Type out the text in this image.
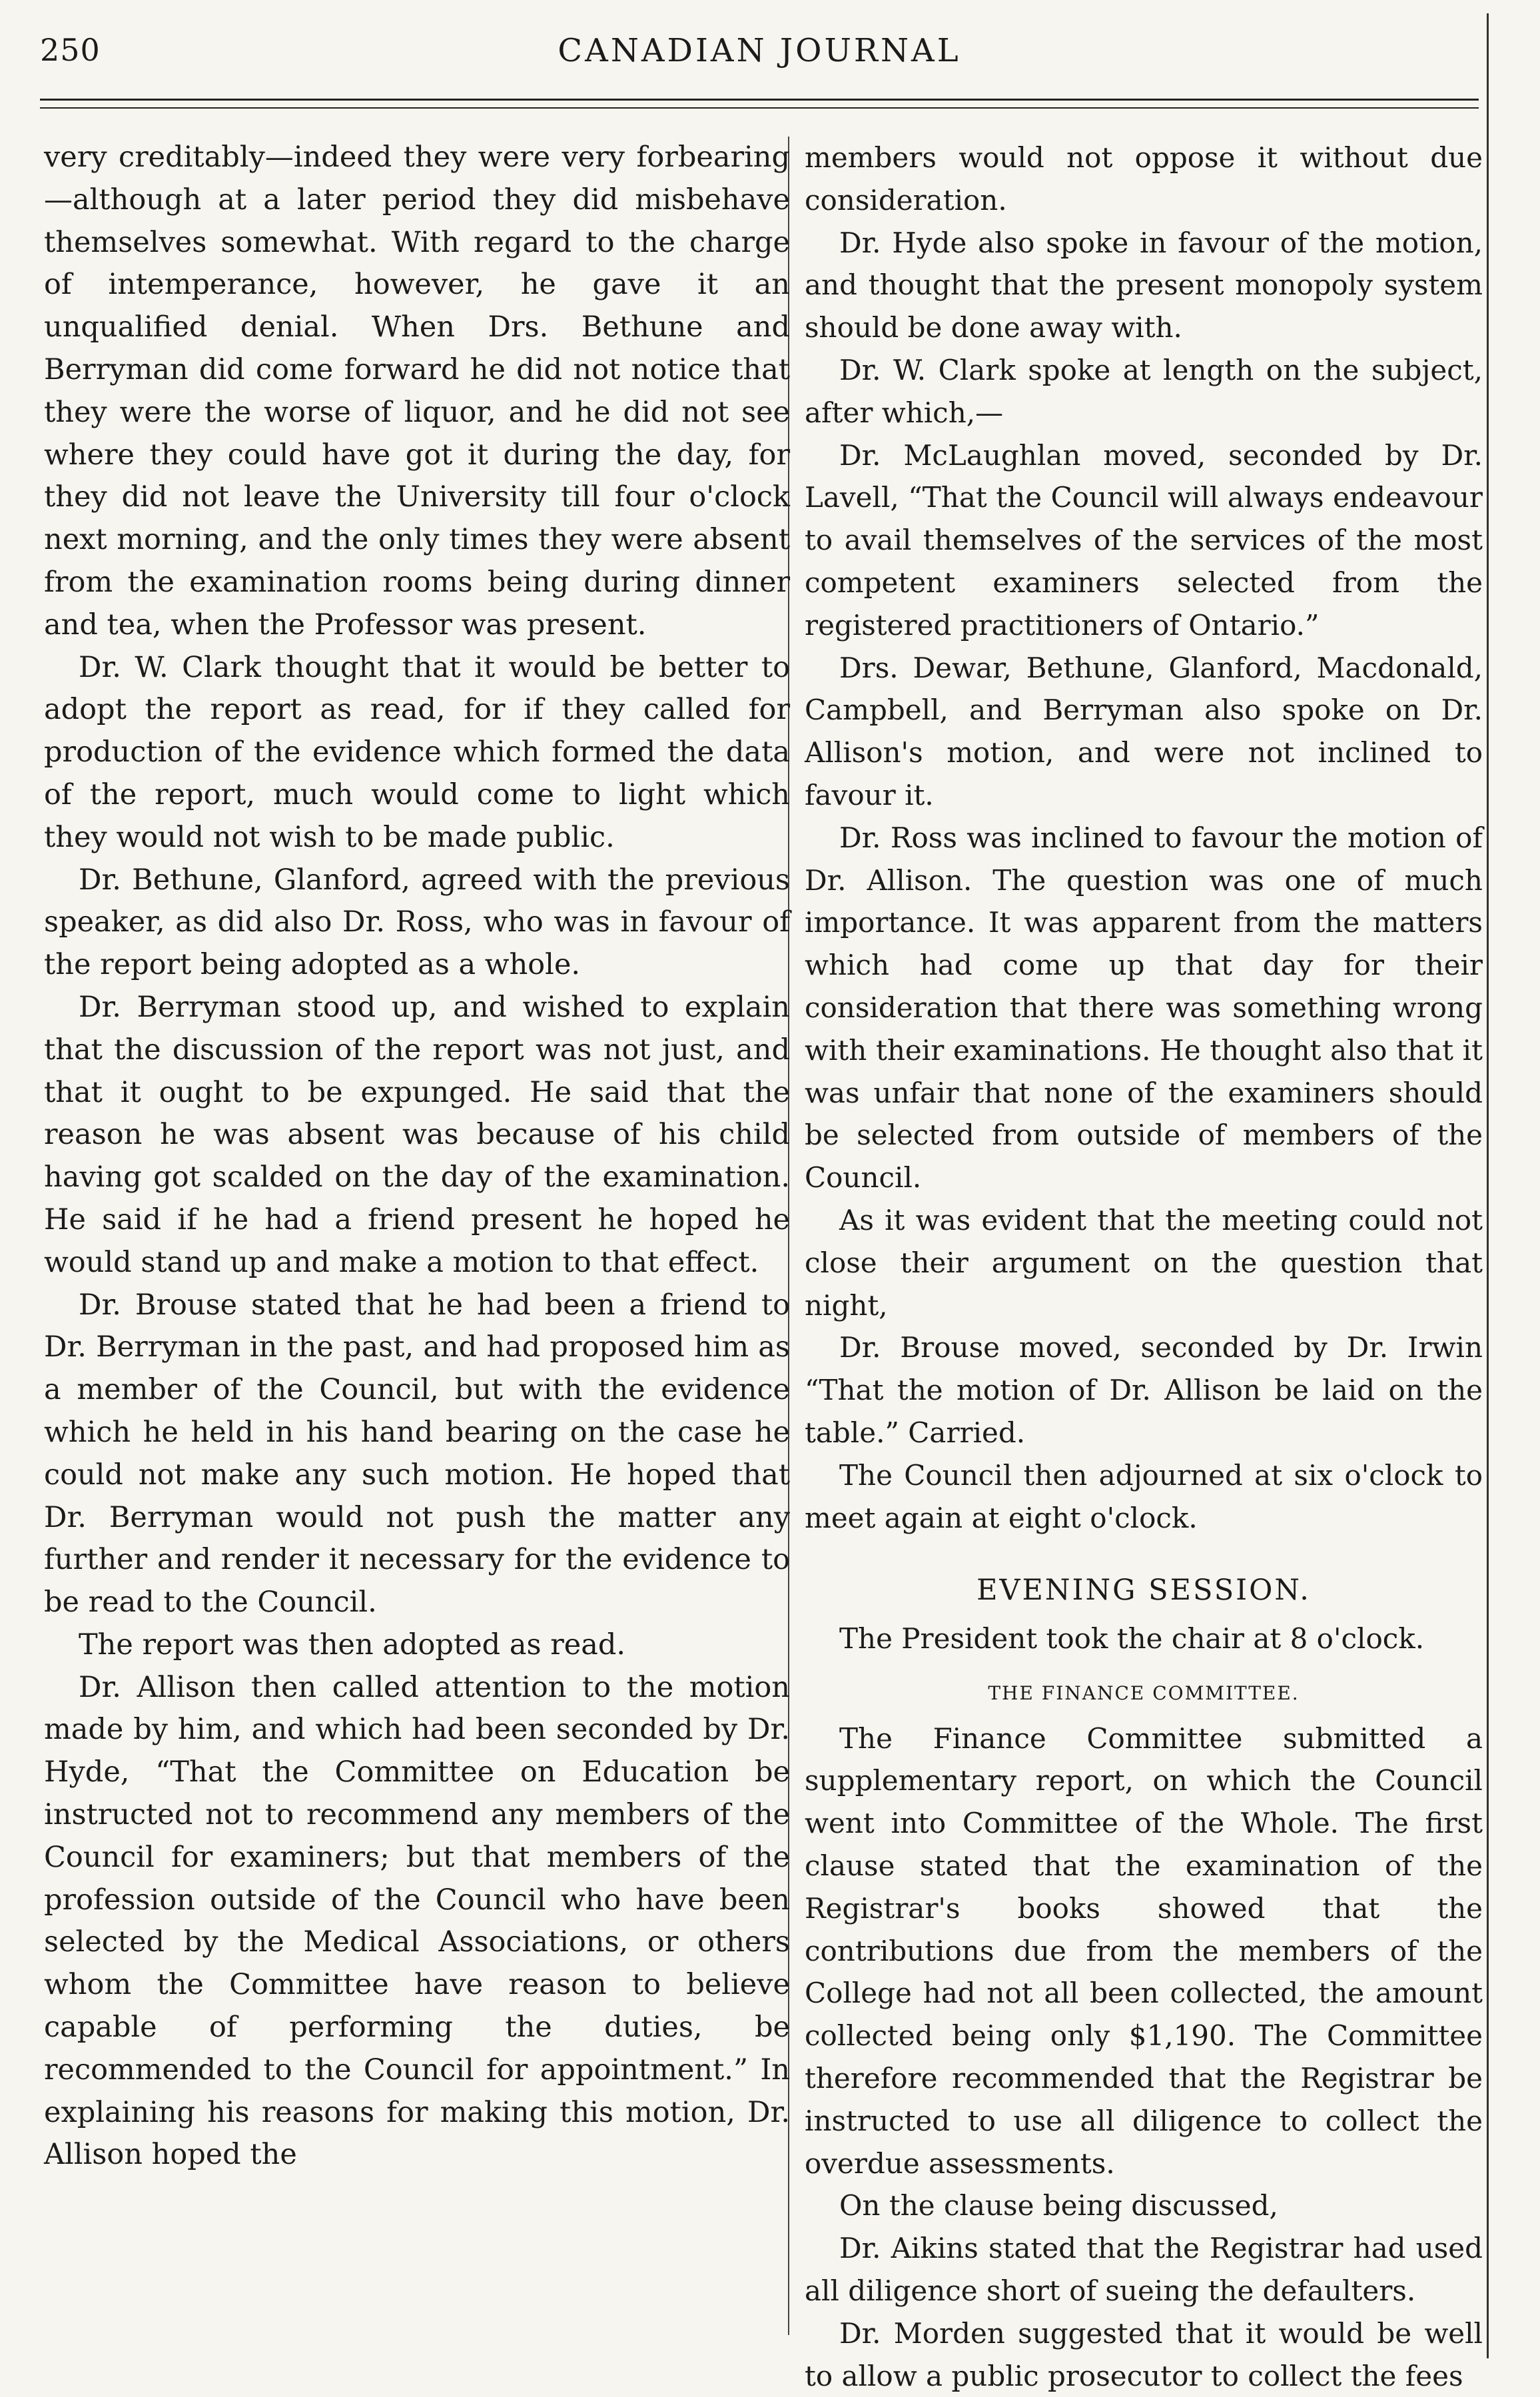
250	CANADIAN JOURNAL

very creditably—indeed they were very forbearing—although at a later period they did misbehave themselves somewhat. With regard to the charge of intemperance, however, he gave it an unqualified denial. When Drs. Bethune and Berryman did come forward he did not notice that they were the worse of liquor, and he did not see where they could have got it during the day, for they did not leave the University till four o'clock next morning, and the only times they were absent from the examination rooms being during dinner and tea, when the Professor was present.

Dr. W. Clark thought that it would be better to adopt the report as read, for if they called for production of the evidence which formed the data of the report, much would come to light which they would not wish to be made public.

Dr. Bethune, Glanford, agreed with the previous speaker, as did also Dr. Ross, who was in favour of the report being adopted as a whole.

Dr. Berryman stood up, and wished to explain that the discussion of the report was not just, and that it ought to be expunged. He said that the reason he was absent was because of his child having got scalded on the day of the examination. He said if he had a friend present he hoped he would stand up and make a motion to that effect.

Dr. Brouse stated that he had been a friend to Dr. Berryman in the past, and had proposed him as a member of the Council, but with the evidence which he held in his hand bearing on the case he could not make any such motion. He hoped that Dr. Berryman would not push the matter any further and render it necessary for the evidence to be read to the Council.

The report was then adopted as read.

Dr. Allison then called attention to the motion made by him, and which had been seconded by Dr. Hyde, “That the Committee on Education be instructed not to recommend any members of the Council for examiners; but that members of the profession outside of the Council who have been selected by the Medical Associations, or others whom the Committee have reason to believe capable of performing the duties, be recommended to the Council for appointment.” In explaining his reasons for making this motion, Dr. Allison hoped the

members would not oppose it without due consideration.

Dr. Hyde also spoke in favour of the motion, and thought that the present monopoly system should be done away with.

Dr. W. Clark spoke at length on the subject, after which,—

Dr. McLaughlan moved, seconded by Dr. Lavell, “That the Council will always endeavour to avail themselves of the services of the most competent examiners selected from the registered practitioners of Ontario.”

Drs. Dewar, Bethune, Glanford, Macdonald, Campbell, and Berryman also spoke on Dr. Allison's motion, and were not inclined to favour it.

Dr. Ross was inclined to favour the motion of Dr. Allison. The question was one of much importance. It was apparent from the matters which had come up that day for their consideration that there was something wrong with their examinations. He thought also that it was unfair that none of the examiners should be selected from outside of members of the Council.

As it was evident that the meeting could not close their argument on the question that night,

Dr. Brouse moved, seconded by Dr. Irwin “That the motion of Dr. Allison be laid on the table.” Carried.

The Council then adjourned at six o'clock to meet again at eight o'clock.

EVENING SESSION.

The President took the chair at 8 o'clock.

THE FINANCE COMMITTEE.

The Finance Committee submitted a supplementary report, on which the Council went into Committee of the Whole. The first clause stated that the examination of the Registrar's books showed that the contributions due from the members of the College had not all been collected, the amount collected being only $1,190. The Committee therefore recommended that the Registrar be instructed to use all diligence to collect the overdue assessments.

On the clause being discussed,

Dr. Aikins stated that the Registrar had used all diligence short of sueing the defaulters.

Dr. Morden suggested that it would be well to allow a public prosecutor to collect the fees
